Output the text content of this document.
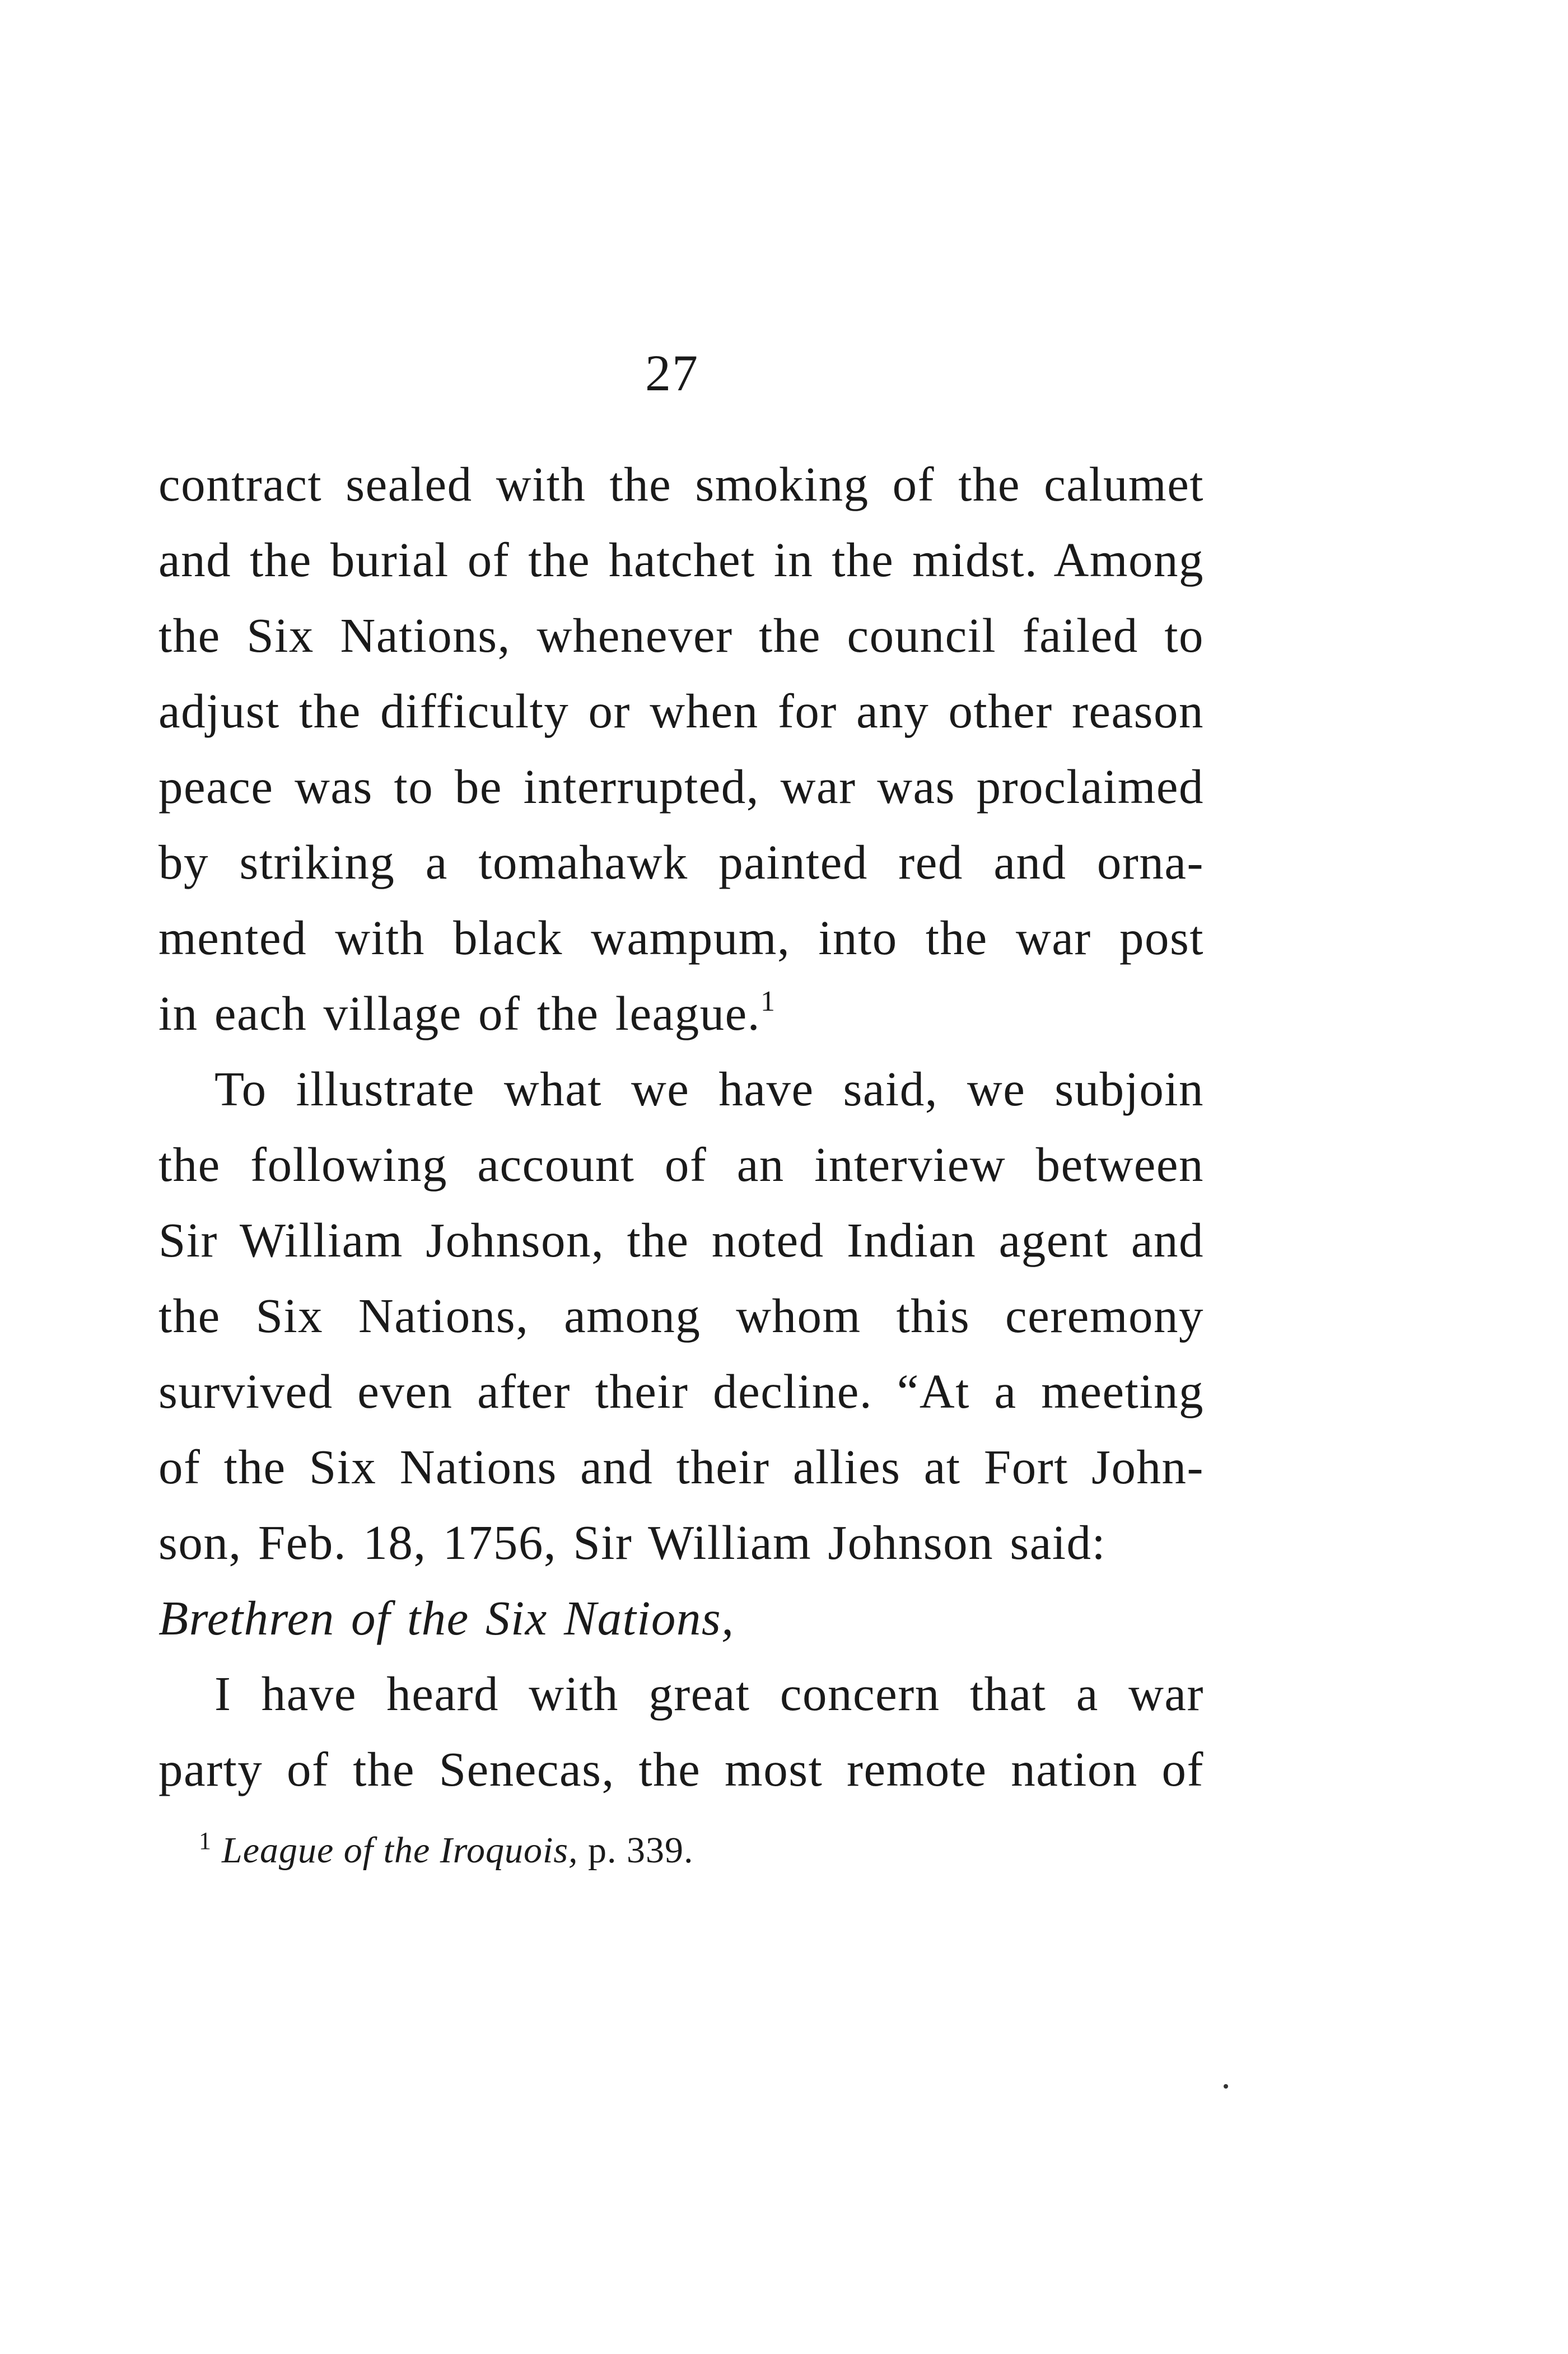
27
contract sealed with the smoking of the calumet
and the burial of the hatchet in the midst. Among
the Six Nations, whenever the council failed to
adjust the difficulty or when for any other reason
peace was to be interrupted, war was proclaimed
by striking a tomahawk painted red and orna-
mented with black wampum, into the war post
in each village of the league.$^1$
To illustrate what we have said, we subjoin
the following account of an interview between
Sir William Johnson, the noted Indian agent and
the Six Nations, among whom this ceremony
survived even after their decline. “At a meeting
of the Six Nations and their allies at Fort John-
son, Feb. 18, 1756, Sir William Johnson said:
Brethren of the Six Nations,
I have heard with great concern that a war
party of the Senecas, the most remote nation of
$^1$ League of the Iroquois, p. 339.
